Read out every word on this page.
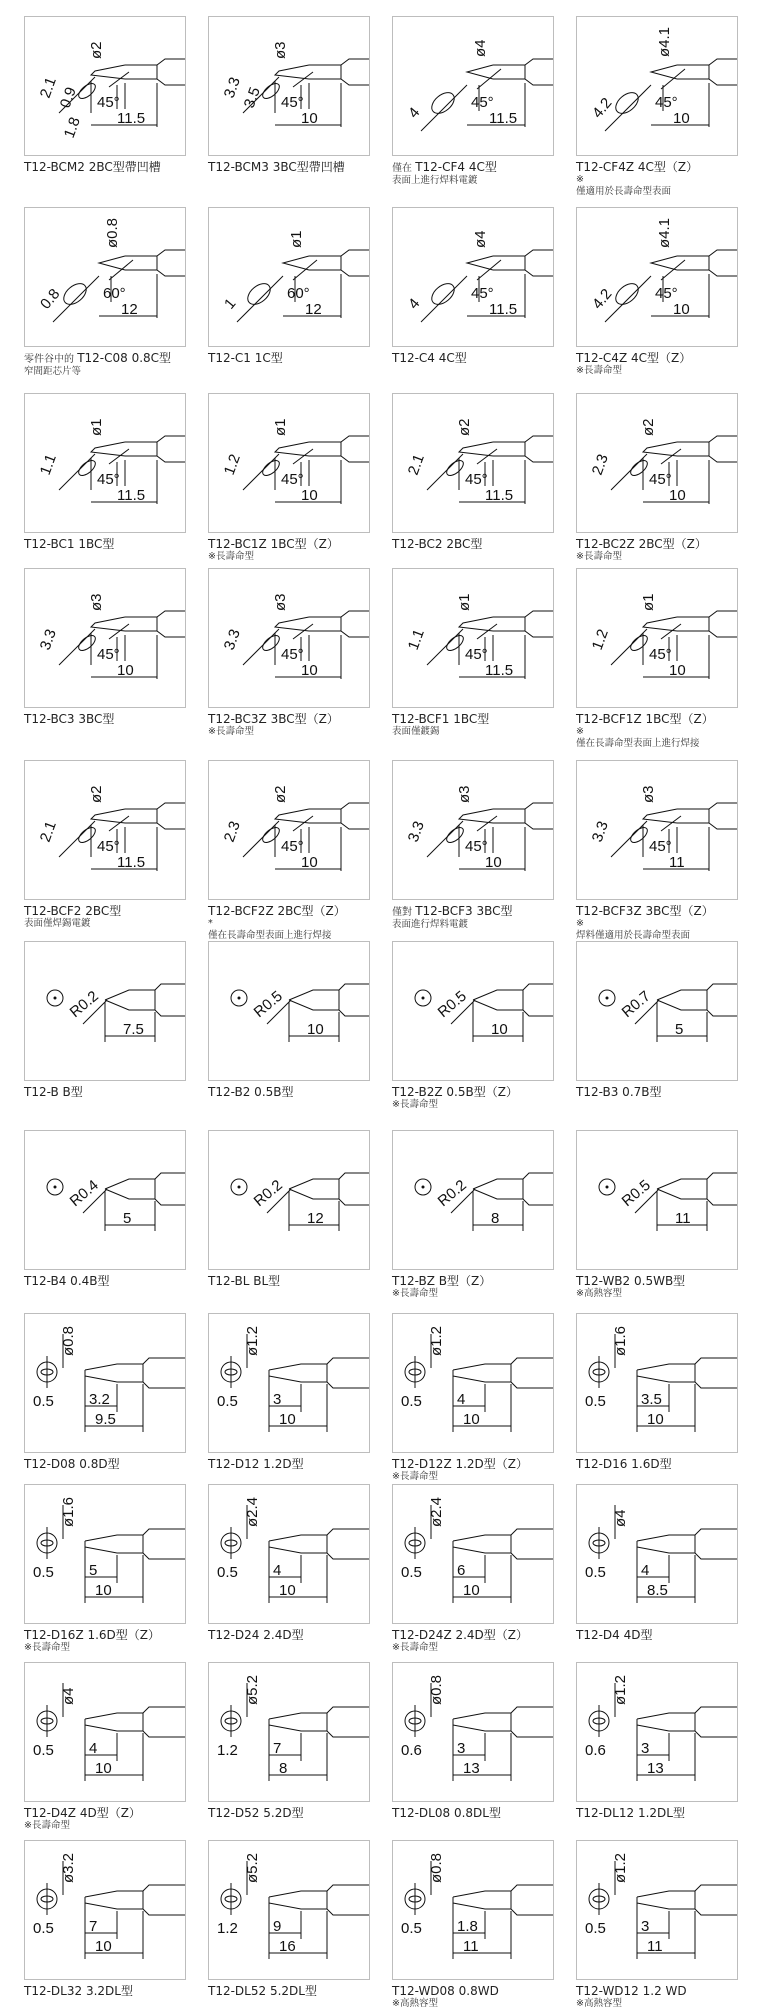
ø2
2.1
0.9
1.8
45°
11.5
T12-BCM2 2BC型帶凹槽
ø3
3.3
3.5 45°
10
T12-BCM3 3BC型帶凹槽
ø4
4
45°
11.5
僅在 T12-CF4 4C型
表面上進行焊料電鍍
ø4.1
4.2	45°
10
T12-CF4Z 4C型（Z）
※
僅適用於長壽命型表面
ø0.8
0.8	60°
12
零件谷中的 T12-C08 0.8C型
窄間距芯片等
ø1
1
60°
12
T12-C1 1C型
ø4
4
45°
11.5
T12-C4 4C型
ø4.1
4.2	45°
10
T12-C4Z 4C型（Z）
※長壽命型
ø1
1.1
45°
11.5
T12-BC1 1BC型
ø1
1.2
45°
10
T12-BC1Z 1BC型（Z）
※長壽命型
ø2
2.1
45°
11.5
T12-BC2 2BC型
ø2
2.3
45°
10
T12-BC2Z 2BC型（Z）
※長壽命型
ø3
3.3
45°
10
T12-BC3 3BC型
ø3
3.3
45°
10
T12-BC3Z 3BC型（Z）
※長壽命型
ø1
1.1
45°
11.5
T12-BCF1 1BC型
表面僅鍍錫
ø1
1.2
45°
10
T12-BCF1Z 1BC型（Z）
※
僅在長壽命型表面上進行焊接
ø2
2.1
45°
11.5
T12-BCF2 2BC型
表面僅焊錫電鍍
ø2
2.3
45°
10
T12-BCF2Z 2BC型（Z）
*
僅在長壽命型表面上進行焊接
ø3
3.3
45°
10
僅對 T12-BCF3 3BC型
表面進行焊料電鍍
ø3
3.3
45°
11
T12-BCF3Z 3BC型（Z）
※
焊料僅適用於長壽命型表面
R0.2
7.5
T12-B B型
R0.5
10
T12-B2 0.5B型
R0.5
10
T12-B2Z 0.5B型（Z）
※長壽命型
R0.7
5
T12-B3 0.7B型
R0.4
5
T12-B4 0.4B型
R0.2
12
T12-BL BL型
R0.2
8
T12-BZ B型（Z）
※長壽命型
R0.5
11
T12-WB2 0.5WB型
※高熱容型
ø0.8
0.5 3.2
9.5
T12-D08 0.8D型
ø1.2
0.5 3
10
T12-D12 1.2D型
ø1.2
0.5 4
10
T12-D12Z 1.2D型（Z）
※長壽命型
ø1.6
0.5 3.5
10
T12-D16 1.6D型
ø1.6
0.5 5
10
T12-D16Z 1.6D型（Z）
※長壽命型
ø2.4
0.5 4
10
T12-D24 2.4D型
ø2.4
0.5 6
10
T12-D24Z 2.4D型（Z）
※長壽命型
ø4
0.5 4
8.5
T12-D4 4D型
ø4
0.5 4
10
T12-D4Z 4D型（Z）
※長壽命型
ø5.2
1.2 7
8
T12-D52 5.2D型
ø0.8
0.6 3
13
T12-DL08 0.8DL型
ø1.2
0.6 3
13
T12-DL12 1.2DL型
ø3.2
0.5 7
10
T12-DL32 3.2DL型
ø5.2
1.2 9
16
T12-DL52 5.2DL型
ø0.8
0.5 1.8
11
T12-WD08 0.8WD
※高熱容型
ø1.2
0.5 3
11
T12-WD12 1.2 WD
※高熱容型
